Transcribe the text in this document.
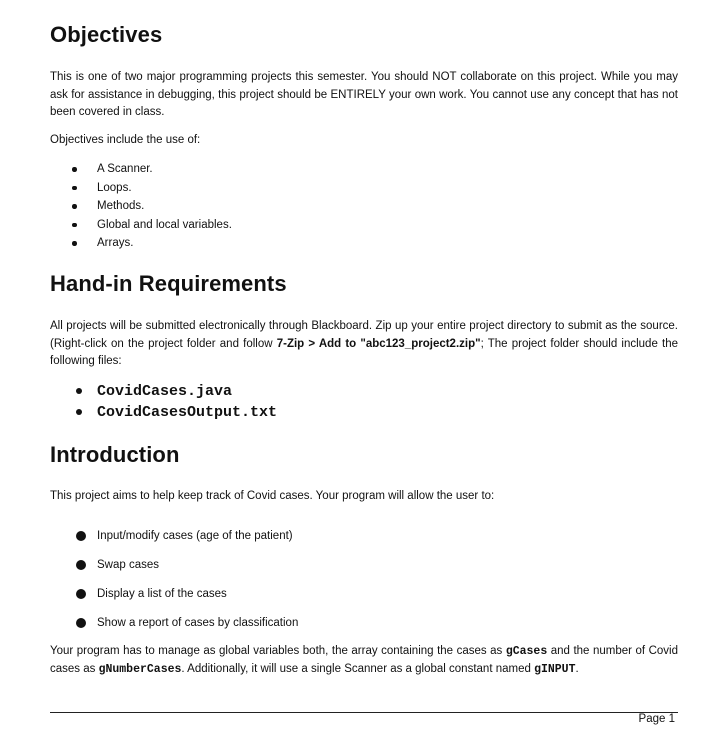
Objectives

This is one of two major programming projects this semester. You should NOT collaborate on this project. While you may ask for assistance in debugging, this project should be ENTIRELY your own work. You cannot use any concept that has not been covered in class.

Objectives include the use of:

A Scanner.
Loops.
Methods.
Global and local variables.
Arrays.
Hand-in Requirements

All projects will be submitted electronically through Blackboard. Zip up your entire project directory to submit as the source. (Right-click on the project folder and follow 7-Zip > Add to "abc123_project2.zip"; The project folder should include the following files:

CovidCases.java
CovidCasesOutput.txt
Introduction

This project aims to help keep track of Covid cases. Your program will allow the user to:

Input/modify cases (age of the patient)
Swap cases
Display a list of the cases
Show a report of cases by classification

Your program has to manage as global variables both, the array containing the cases as gCases and the number of Covid cases as gNumberCases. Additionally, it will use a single Scanner as a global constant named gINPUT.

Page 1
